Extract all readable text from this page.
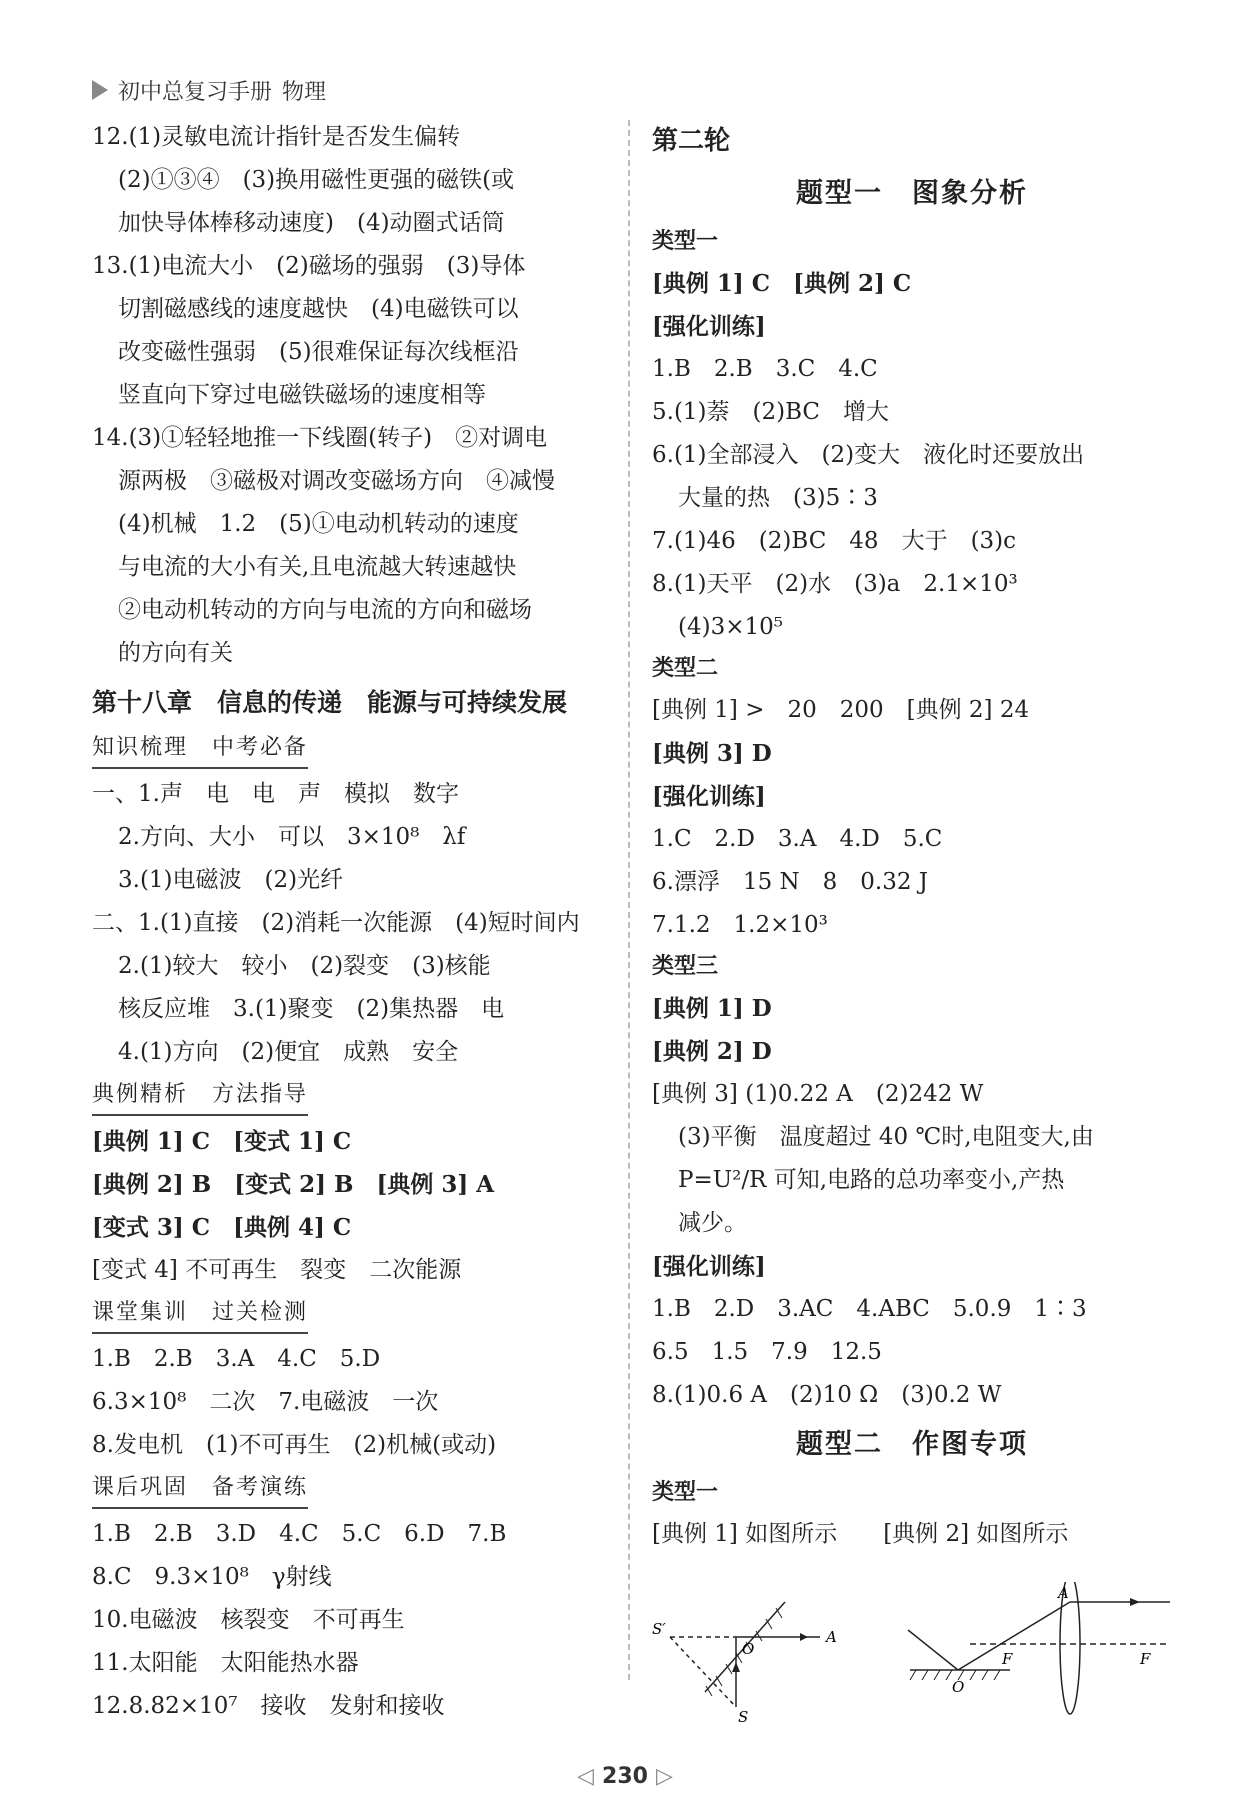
初中总复习手册 物理
12.(1)灵敏电流计指针是否发生偏转
(2)①③④　(3)换用磁性更强的磁铁(或
加快导体棒移动速度)　(4)动圈式话筒
13.(1)电流大小　(2)磁场的强弱　(3)导体
切割磁感线的速度越快　(4)电磁铁可以
改变磁性强弱　(5)很难保证每次线框沿
竖直向下穿过电磁铁磁场的速度相等
14.(3)①轻轻地推一下线圈(转子)　②对调电
源两极　③磁极对调改变磁场方向　④减慢
(4)机械　1.2　(5)①电动机转动的速度
与电流的大小有关,且电流越大转速越快
②电动机转动的方向与电流的方向和磁场
的方向有关
第十八章　信息的传递　能源与可持续发展
知识梳理　中考必备
一、1.声　电　电　声　模拟　数字
2.方向、大小　可以　3×10⁸　λf
3.(1)电磁波　(2)光纤
二、1.(1)直接　(2)消耗一次能源　(4)短时间内
2.(1)较大　较小　(2)裂变　(3)核能
核反应堆　3.(1)聚变　(2)集热器　电
4.(1)方向　(2)便宜　成熟　安全
典例精析　方法指导
[典例 1] C　[变式 1] C
[典例 2] B　[变式 2] B　[典例 3] A
[变式 3] C　[典例 4] C
[变式 4] 不可再生　裂变　二次能源
课堂集训　过关检测
1.B　2.B　3.A　4.C　5.D
6.3×10⁸　二次　7.电磁波　一次
8.发电机　(1)不可再生　(2)机械(或动)
课后巩固　备考演练
1.B　2.B　3.D　4.C　5.C　6.D　7.B
8.C　9.3×10⁸　γ射线
10.电磁波　核裂变　不可再生
11.太阳能　太阳能热水器
12.8.82×10⁷　接收　发射和接收
第二轮
题型一　图象分析
类型一
[典例 1] C　[典例 2] C
[强化训练]
1.B　2.B　3.C　4.C
5.(1)萘　(2)BC　增大
6.(1)全部浸入　(2)变大　液化时还要放出
大量的热　(3)5∶3
7.(1)46　(2)BC　48　大于　(3)c
8.(1)天平　(2)水　(3)a　2.1×10³
(4)3×10⁵
类型二
[典例 1] >　20　200　[典例 2] 24
[典例 3] D
[强化训练]
1.C　2.D　3.A　4.D　5.C
6.漂浮　15 N　8　0.32 J
7.1.2　1.2×10³
类型三
[典例 1] D
[典例 2] D
[典例 3] (1)0.22 A　(2)242 W
(3)平衡　温度超过 40 ℃时,电阻变大,由
P=U²/R 可知,电路的总功率变小,产热
减少。
[强化训练]
1.B　2.D　3.AC　4.ABC　5.0.9　1∶3
6.5　1.5　7.9　12.5
8.(1)0.6 A　(2)10 Ω　(3)0.2 W
题型二　作图专项
类型一
[典例 1] 如图所示　　[典例 2] 如图所示
S′
O
A
S
A
F	F
O
◁ 230 ▷
